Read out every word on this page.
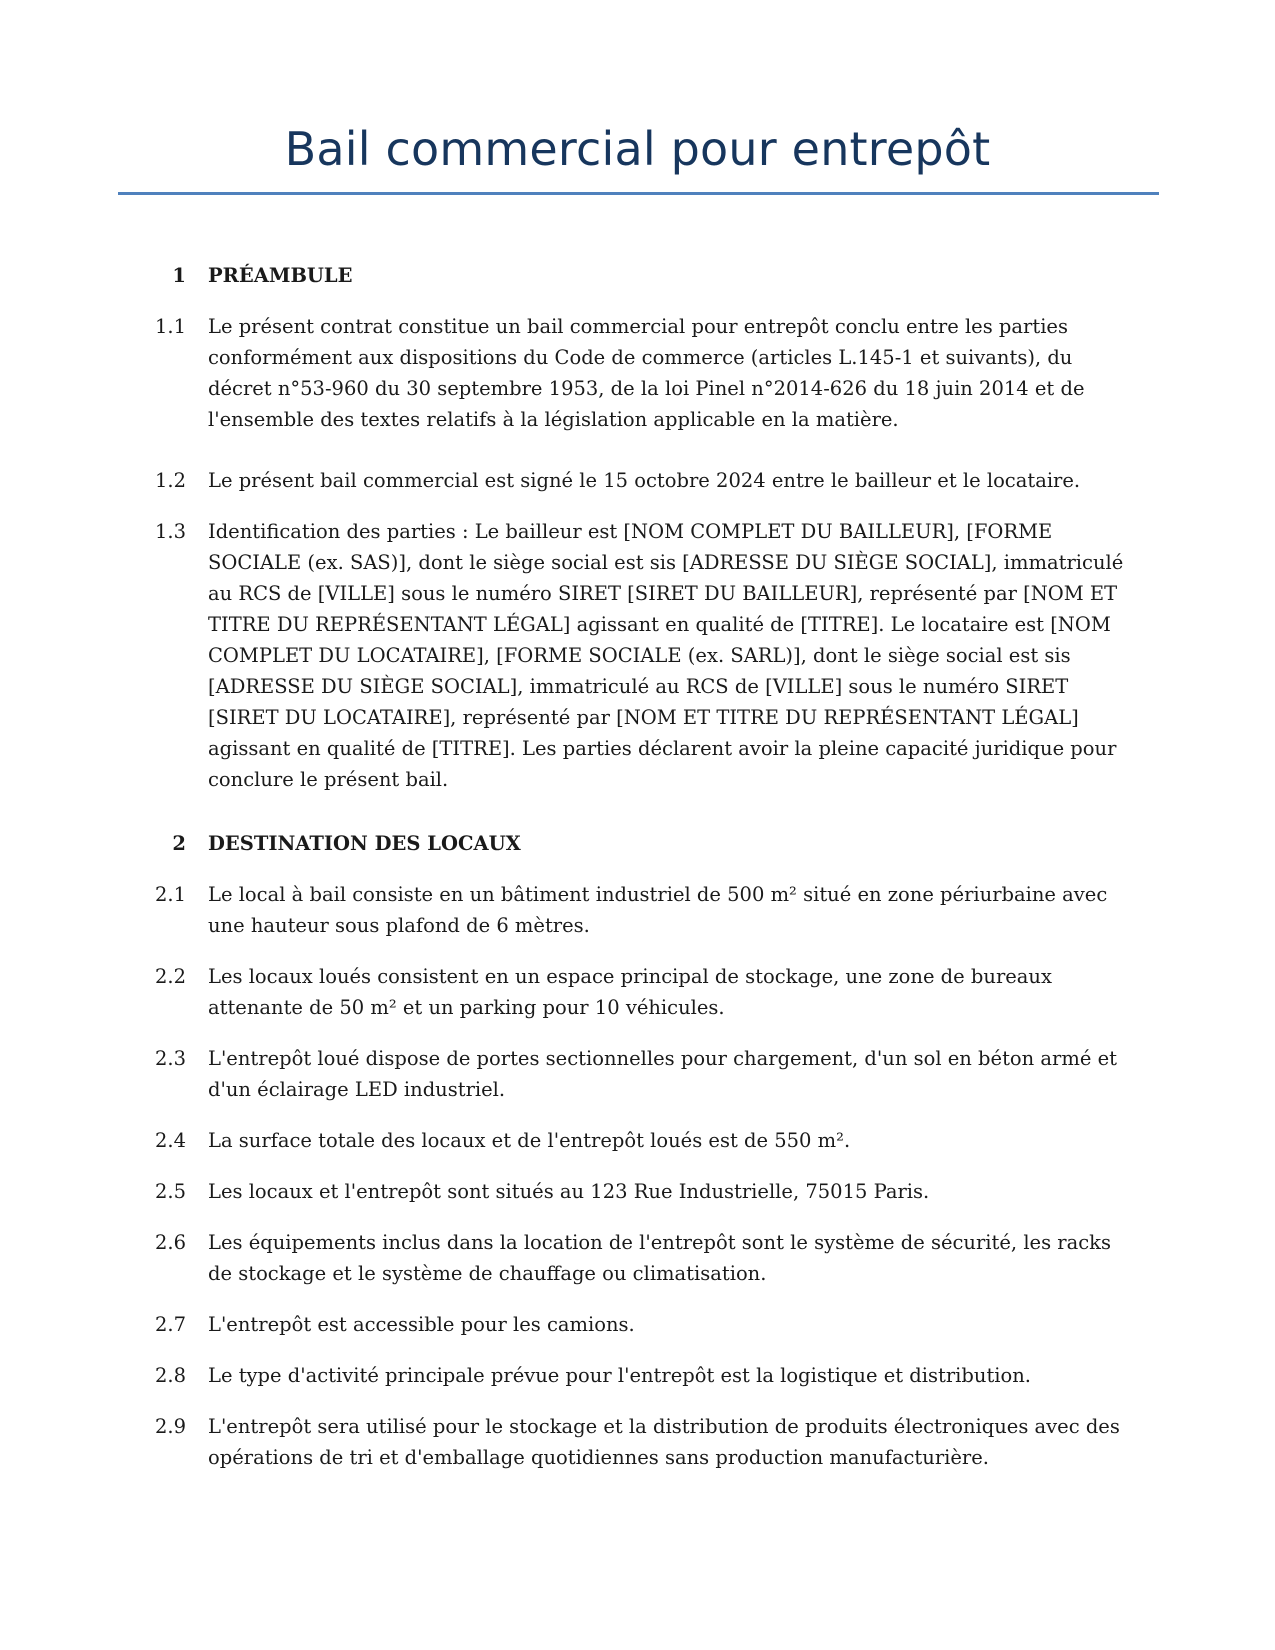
Bail commercial pour entrepôt
1 PRÉAMBULE
1.1 Le présent contrat constitue un bail commercial pour entrepôt conclu entre les parties conformément aux dispositions du Code de commerce (articles L.145-1 et suivants), du décret n°53-960 du 30 septembre 1953, de la loi Pinel n°2014-626 du 18 juin 2014 et de l'ensemble des textes relatifs à la législation applicable en la matière.

1.2 Le présent bail commercial est signé le 15 octobre 2024 entre le bailleur et le locataire.

1.3 Identification des parties : Le bailleur est [NOM COMPLET DU BAILLEUR], [FORME SOCIALE (ex. SAS)], dont le siège social est sis [ADRESSE DU SIÈGE SOCIAL], immatriculé au RCS de [VILLE] sous le numéro SIRET [SIRET DU BAILLEUR], représenté par [NOM ET TITRE DU REPRÉSENTANT LÉGAL] agissant en qualité de [TITRE]. Le locataire est [NOM COMPLET DU LOCATAIRE], [FORME SOCIALE (ex. SARL)], dont le siège social est sis [ADRESSE DU SIÈGE SOCIAL], immatriculé au RCS de [VILLE] sous le numéro SIRET [SIRET DU LOCATAIRE], représenté par [NOM ET TITRE DU REPRÉSENTANT LÉGAL] agissant en qualité de [TITRE]. Les parties déclarent avoir la pleine capacité juridique pour conclure le présent bail.

2 DESTINATION DES LOCAUX
2.1 Le local à bail consiste en un bâtiment industriel de 500 m² situé en zone périurbaine avec une hauteur sous plafond de 6 mètres.

2.2 Les locaux loués consistent en un espace principal de stockage, une zone de bureaux attenante de 50 m² et un parking pour 10 véhicules.

2.3 L'entrepôt loué dispose de portes sectionnelles pour chargement, d'un sol en béton armé et d'un éclairage LED industriel.

2.4 La surface totale des locaux et de l'entrepôt loués est de 550 m².

2.5 Les locaux et l'entrepôt sont situés au 123 Rue Industrielle, 75015 Paris.

2.6 Les équipements inclus dans la location de l'entrepôt sont le système de sécurité, les racks de stockage et le système de chauffage ou climatisation.

2.7 L'entrepôt est accessible pour les camions.

2.8 Le type d'activité principale prévue pour l'entrepôt est la logistique et distribution.

2.9 L'entrepôt sera utilisé pour le stockage et la distribution de produits électroniques avec des opérations de tri et d'emballage quotidiennes sans production manufacturière.
